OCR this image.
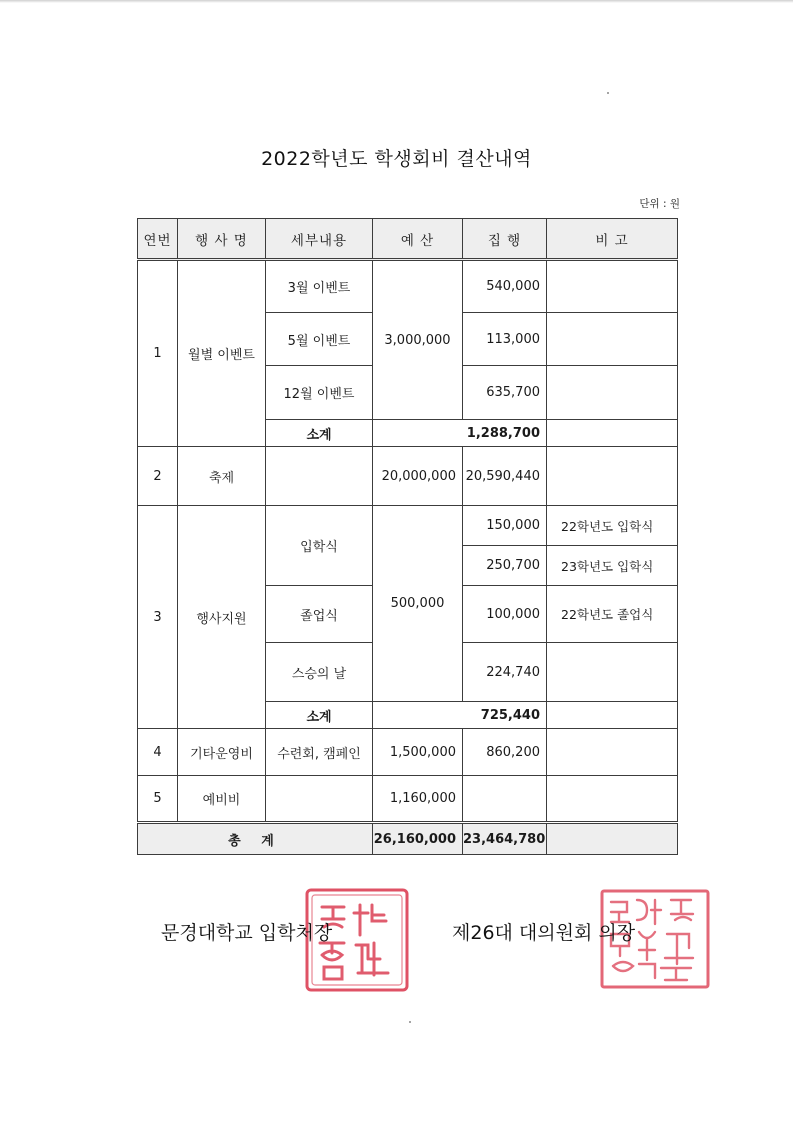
2022학년도 학생회비 결산내역
단위 : 원
연번	행 사 명	세부내용	예 산	집 행	비 고
1	월별 이벤트	3월 이벤트	3,000,000	540,000	
		5월 이벤트		113,000	
		12월 이벤트		635,700	
		소계	1,288,700		
2	축제		20,000,000	20,590,440	
3	행사지원	입학식	500,000	150,000	22학년도 입학식
				250,700	23학년도 입학식
		졸업식		100,000	22학년도 졸업식
		스승의 날		224,740	
		소계	725,440		
4	기타운영비	수련회, 캠페인	1,500,000	860,200	
5	예비비		1,160,000		
총 계			26,160,000	23,464,780	
문경대학교 입학처장	제26대 대의원회 의장
